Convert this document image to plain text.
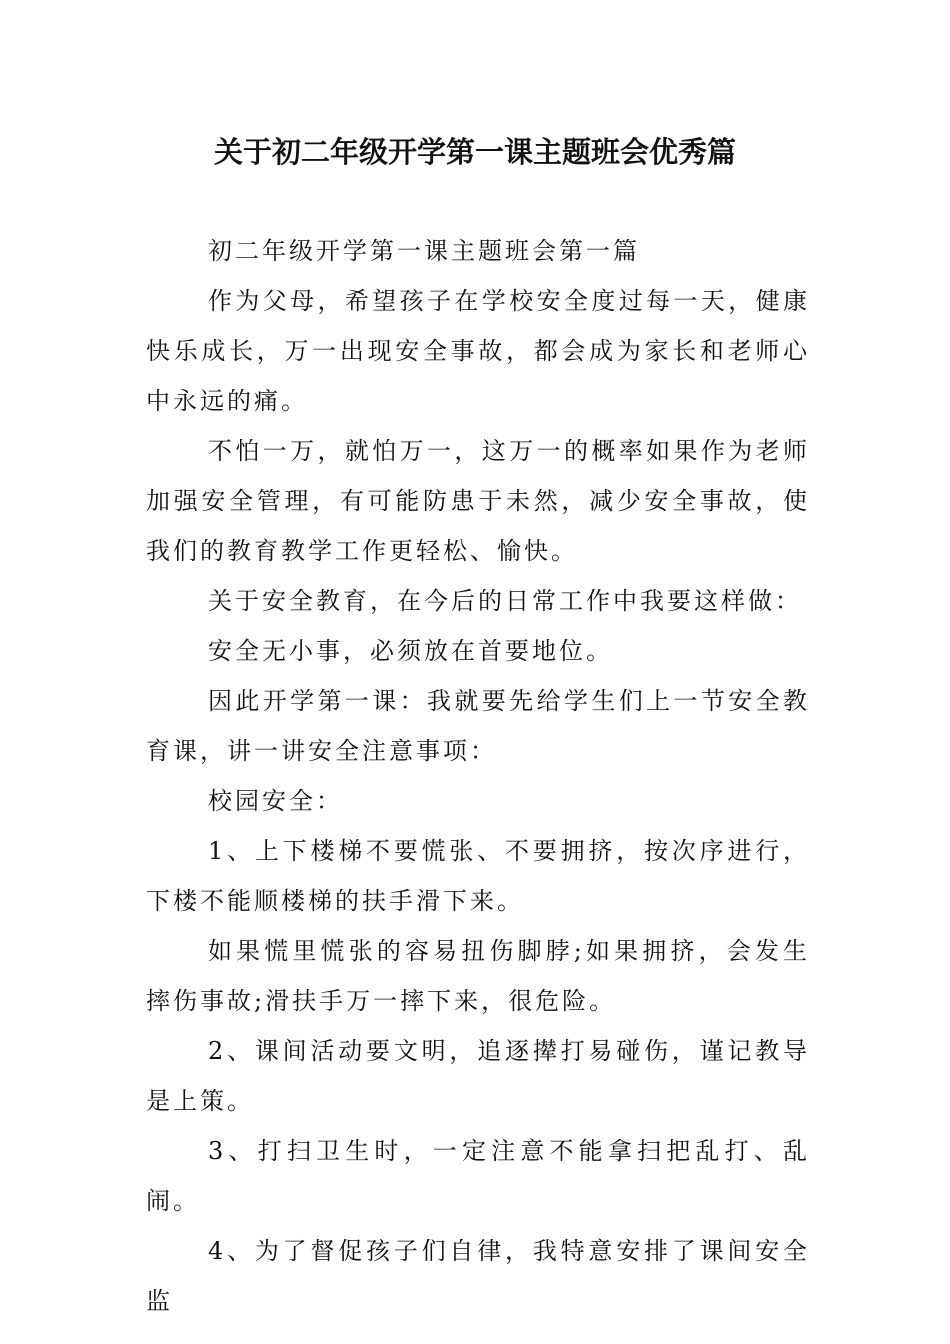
关于初二年级开学第一课主题班会优秀篇

初二年级开学第一课主题班会第一篇

作为父母，希望孩子在学校安全度过每一天，健康快乐成长，万一出现安全事故，都会成为家长和老师心中永远的痛。

不怕一万，就怕万一，这万一的概率如果作为老师加强安全管理，有可能防患于未然，减少安全事故，使我们的教育教学工作更轻松、愉快。

关于安全教育，在今后的日常工作中我要这样做：

安全无小事，必须放在首要地位。

因此开学第一课：我就要先给学生们上一节安全教育课，讲一讲安全注意事项：

校园安全：

1、上下楼梯不要慌张、不要拥挤，按次序进行，下楼不能顺楼梯的扶手滑下来。

如果慌里慌张的容易扭伤脚脖;如果拥挤，会发生摔伤事故;滑扶手万一摔下来，很危险。

2、课间活动要文明，追逐撵打易碰伤，谨记教导是上策。

3、打扫卫生时，一定注意不能拿扫把乱打、乱闹。

4、为了督促孩子们自律，我特意安排了课间安全监
